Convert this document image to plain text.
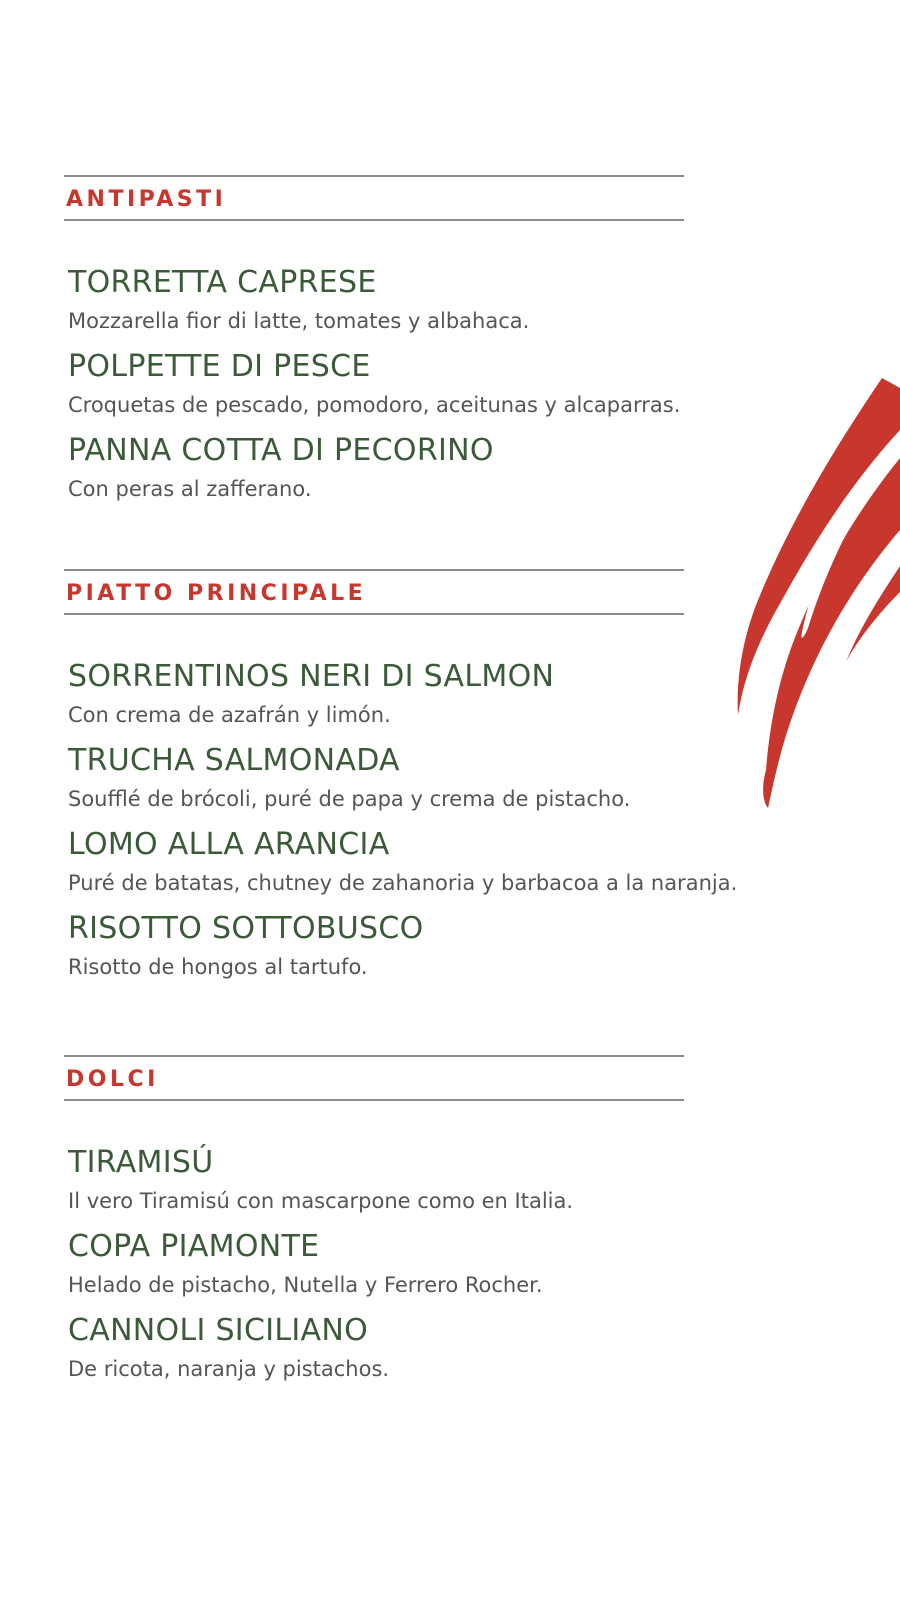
ANTIPASTI
TORRETTA CAPRESE
Mozzarella fior di latte, tomates y albahaca.
POLPETTE DI PESCE
Croquetas de pescado, pomodoro, aceitunas y alcaparras.
PANNA COTTA DI PECORINO
Con peras al zafferano.
PIATTO PRINCIPALE
SORRENTINOS NERI DI SALMON
Con crema de azafrán y limón.
TRUCHA SALMONADA
Soufflé de brócoli, puré de papa y crema de pistacho.
LOMO ALLA ARANCIA
Puré de batatas, chutney de zahanoria y barbacoa a la naranja.
RISOTTO SOTTOBUSCO
Risotto de hongos al tartufo.
DOLCI
TIRAMISÚ
Il vero Tiramisú con mascarpone como en Italia.
COPA PIAMONTE
Helado de pistacho, Nutella y Ferrero Rocher.
CANNOLI SICILIANO
De ricota, naranja y pistachos.
